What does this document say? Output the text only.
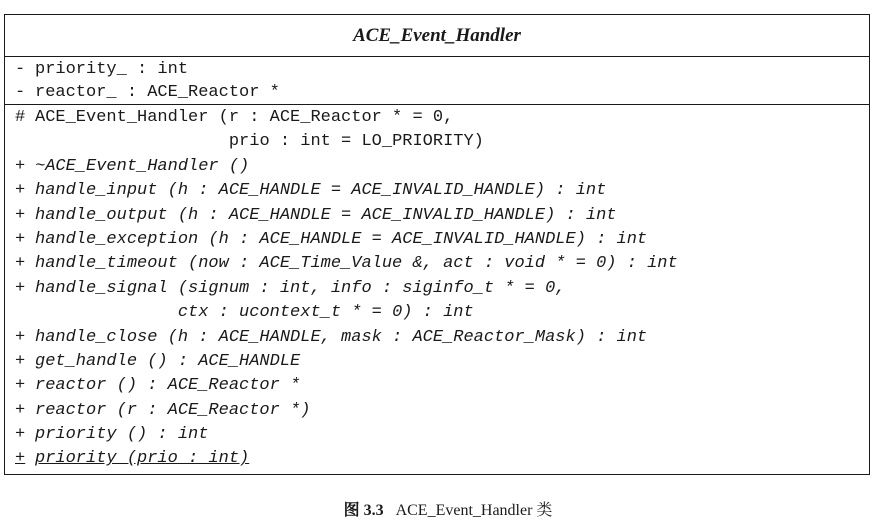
ACE_Event_Handler
- priority_ : int
- reactor_ : ACE_Reactor *
# ACE_Event_Handler (r : ACE_Reactor * = 0,
prio : int = LO_PRIORITY)
+ ~ACE_Event_Handler ()
+ handle_input (h : ACE_HANDLE = ACE_INVALID_HANDLE) : int
+ handle_output (h : ACE_HANDLE = ACE_INVALID_HANDLE) : int
+ handle_exception (h : ACE_HANDLE = ACE_INVALID_HANDLE) : int
+ handle_timeout (now : ACE_Time_Value &, act : void * = 0) : int
+ handle_signal (signum : int, info : siginfo_t * = 0,
ctx : ucontext_t * = 0) : int
+ handle_close (h : ACE_HANDLE, mask : ACE_Reactor_Mask) : int
+ get_handle () : ACE_HANDLE
+ reactor () : ACE_Reactor *
+ reactor (r : ACE_Reactor *)
+ priority () : int
+ priority (prio : int)
图 3.3 ACE_Event_Handler 类
